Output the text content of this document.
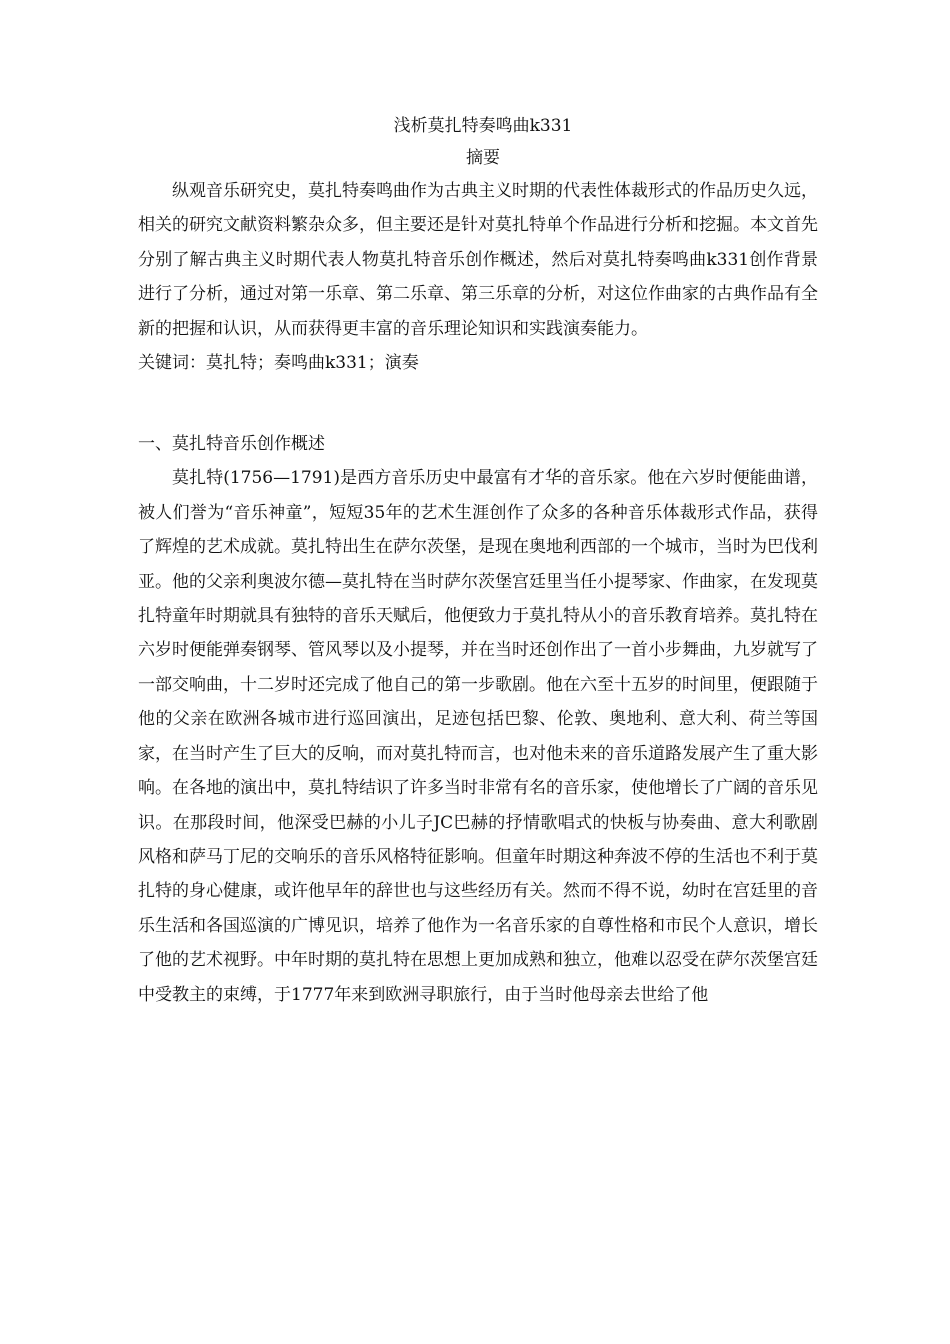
浅析莫扎特奏鸣曲k331
摘要

纵观音乐研究史，莫扎特奏鸣曲作为古典主义时期的代表性体裁形式的作品历史久远，相关的研究文献资料繁杂众多，但主要还是针对莫扎特单个作品进行分析和挖掘。本文首先分别了解古典主义时期代表人物莫扎特音乐创作概述，然后对莫扎特奏鸣曲k331创作背景进行了分析，通过对第一乐章、第二乐章、第三乐章的分析，对这位作曲家的古典作品有全新的把握和认识，从而获得更丰富的音乐理论知识和实践演奏能力。

关键词：莫扎特；奏鸣曲k331；演奏

一、莫扎特音乐创作概述

莫扎特(1756—1791)是西方音乐历史中最富有才华的音乐家。他在六岁时便能曲谱，被人们誉为“音乐神童”，短短35年的艺术生涯创作了众多的各种音乐体裁形式作品，获得了辉煌的艺术成就。莫扎特出生在萨尔茨堡，是现在奥地利西部的一个城市，当时为巴伐利亚。他的父亲利奥波尔德—莫扎特在当时萨尔茨堡宫廷里当任小提琴家、作曲家，在发现莫扎特童年时期就具有独特的音乐天赋后，他便致力于莫扎特从小的音乐教育培养。莫扎特在六岁时便能弹奏钢琴、管风琴以及小提琴，并在当时还创作出了一首小步舞曲，九岁就写了一部交响曲，十二岁时还完成了他自己的第一步歌剧。他在六至十五岁的时间里，便跟随于他的父亲在欧洲各城市进行巡回演出，足迹包括巴黎、伦敦、奥地利、意大利、荷兰等国家，在当时产生了巨大的反响，而对莫扎特而言，也对他未来的音乐道路发展产生了重大影响。在各地的演出中，莫扎特结识了许多当时非常有名的音乐家，使他增长了广阔的音乐见识。在那段时间，他深受巴赫的小儿子JC巴赫的抒情歌唱式的快板与协奏曲、意大利歌剧风格和萨马丁尼的交响乐的音乐风格特征影响。但童年时期这种奔波不停的生活也不利于莫扎特的身心健康，或许他早年的辞世也与这些经历有关。然而不得不说，幼时在宫廷里的音乐生活和各国巡演的广博见识，培养了他作为一名音乐家的自尊性格和市民个人意识，增长了他的艺术视野。中年时期的莫扎特在思想上更加成熟和独立，他难以忍受在萨尔茨堡宫廷中受教主的束缚，于1777年来到欧洲寻职旅行，由于当时他母亲去世给了他
